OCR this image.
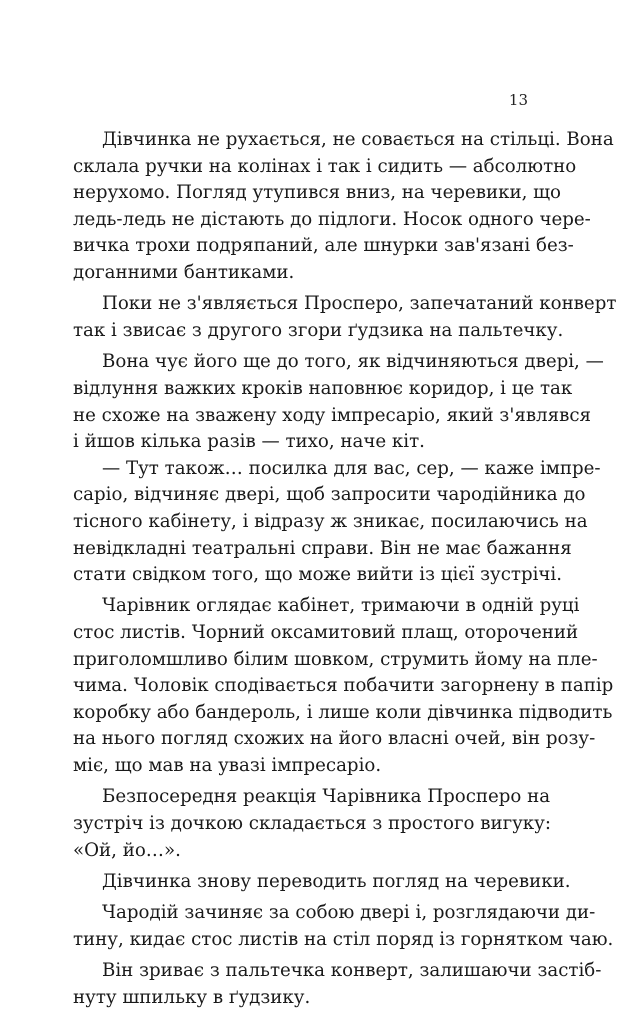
13
Дівчинка не рухається, не совається на стільці. Вона
склала ручки на колінах і так і сидить — абсолютно
нерухомо. Погляд утупився вниз, на черевики, що
ледь-ледь не дістають до підлоги. Носок одного чере-
вичка трохи подряпаний, але шнурки зав'язані без-
доганними бантиками.
Поки не з'являється Просперо, запечатаний конверт
так і звисає з другого згори ґудзика на пальтечку.
Вона чує його ще до того, як відчиняються двері, —
відлуння важких кроків наповнює коридор, і це так
не схоже на зважену ходу імпресаріо, який з'являвся
і йшов кілька разів — тихо, наче кіт.
— Тут також… посилка для вас, сер, — каже імпре-
саріо, відчиняє двері, щоб запросити чародійника до
тісного кабінету, і відразу ж зникає, посилаючись на
невідкладні театральні справи. Він не має бажання
стати свідком того, що може вийти із цієї зустрічі.
Чарівник оглядає кабінет, тримаючи в одній руці
стос листів. Чорний оксамитовий плащ, оторочений
приголомшливо білим шовком, струмить йому на пле-
чима. Чоловік сподівається побачити загорнену в папір
коробку або бандероль, і лише коли дівчинка підводить
на нього погляд схожих на його власні очей, він розу-
міє, що мав на увазі імпресаріо.
Безпосередня реакція Чарівника Просперо на
зустріч із дочкою складається з простого вигуку:
«Ой, йо…».
Дівчинка знову переводить погляд на черевики.
Чародій зачиняє за собою двері і, розглядаючи ди-
тину, кидає стос листів на стіл поряд із горнятком чаю.
Він зриває з пальтечка конверт, залишаючи застіб-
нуту шпильку в ґудзику.
